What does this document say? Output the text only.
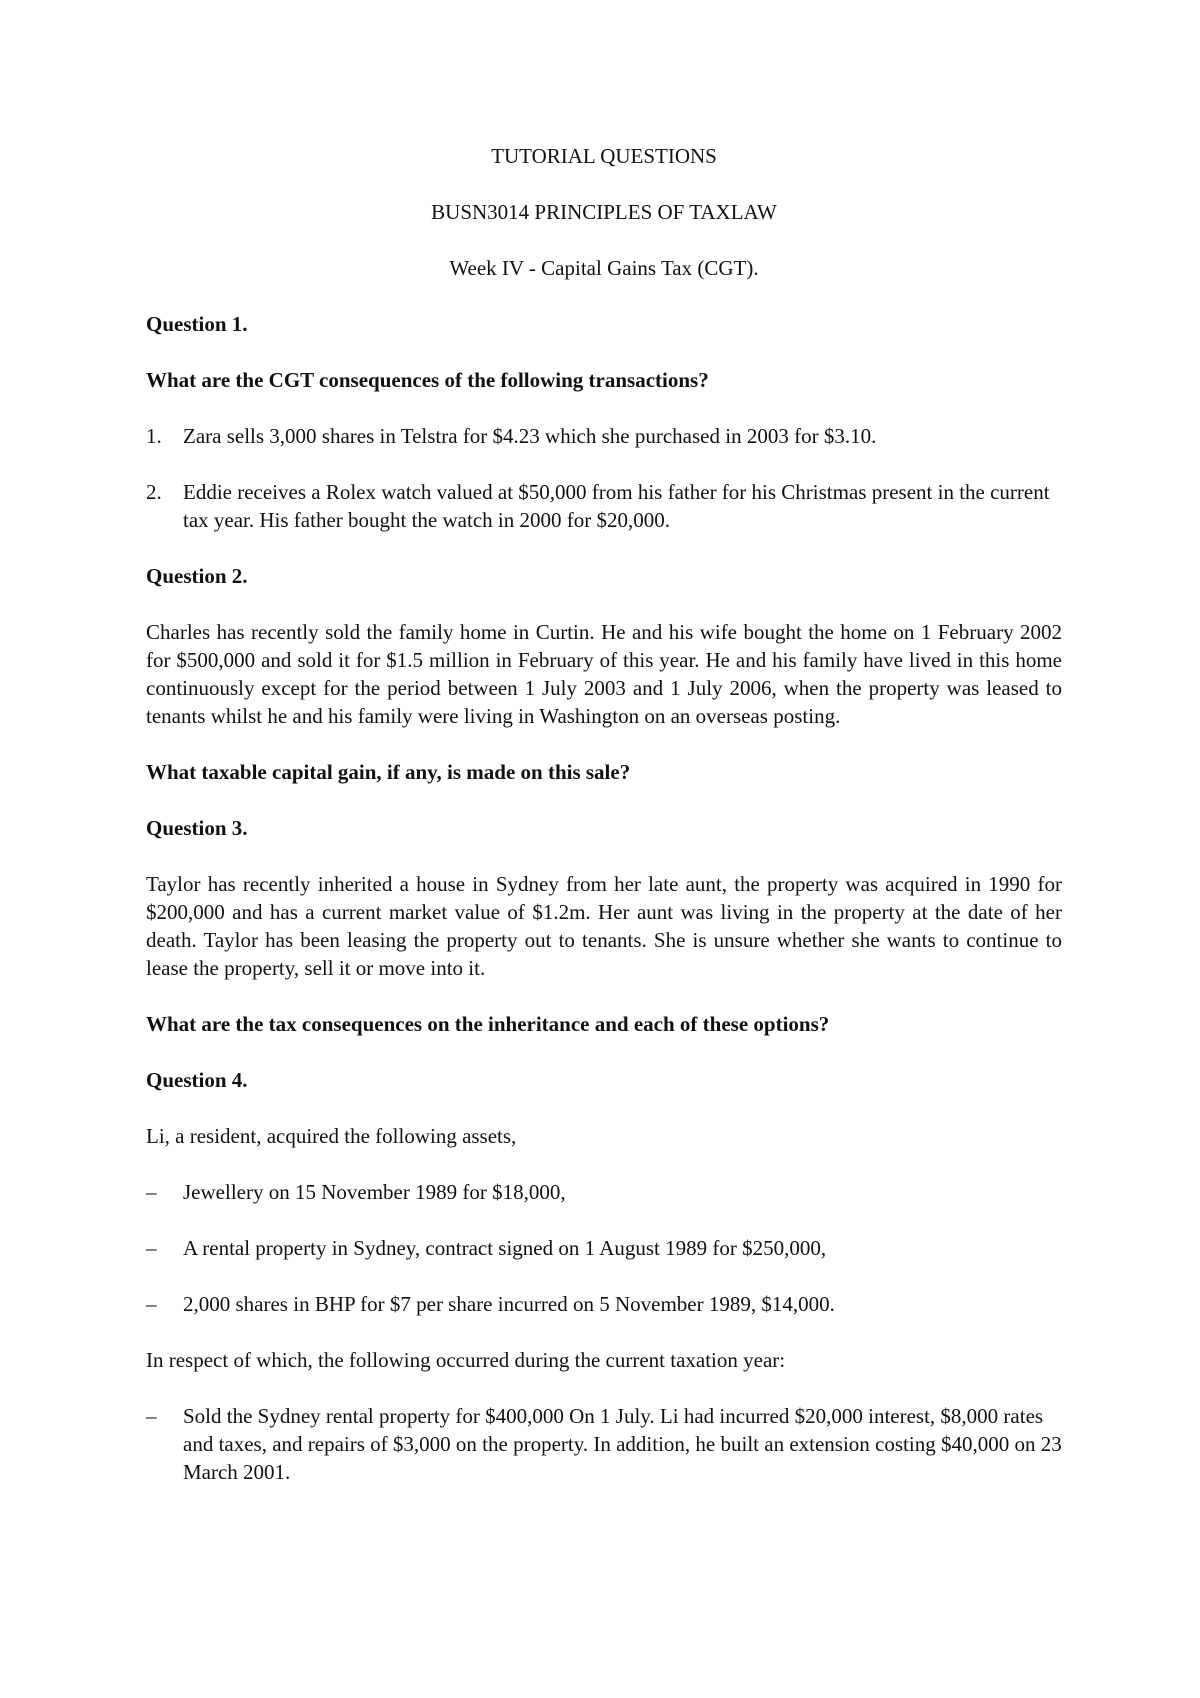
TUTORIAL QUESTIONS

BUSN3014 PRINCIPLES OF TAXLAW

Week IV - Capital Gains Tax (CGT).

Question 1.

What are the CGT consequences of the following transactions?

1.	Zara sells 3,000 shares in Telstra for $4.23 which she purchased in 2003 for $3.10.
2.	Eddie receives a Rolex watch valued at $50,000 from his father for his Christmas present in the current tax year. His father bought the watch in 2000 for $20,000.

Question 2.

Charles has recently sold the family home in Curtin. He and his wife bought the home on 1 February 2002 for $500,000 and sold it for $1.5 million in February of this year. He and his family have lived in this home continuously except for the period between 1 July 2003 and 1 July 2006, when the property was leased to tenants whilst he and his family were living in Washington on an overseas posting.

What taxable capital gain, if any, is made on this sale?

Question 3.

Taylor has recently inherited a house in Sydney from her late aunt, the property was acquired in 1990 for $200,000 and has a current market value of $1.2m. Her aunt was living in the property at the date of her death. Taylor has been leasing the property out to tenants. She is unsure whether she wants to continue to lease the property, sell it or move into it.

What are the tax consequences on the inheritance and each of these options?

Question 4.

Li, a resident, acquired the following assets,

–	Jewellery on 15 November 1989 for $18,000,
–	A rental property in Sydney, contract signed on 1 August 1989 for $250,000,
–	2,000 shares in BHP for $7 per share incurred on 5 November 1989, $14,000.

In respect of which, the following occurred during the current taxation year:

–	Sold the Sydney rental property for $400,000 On 1 July. Li had incurred $20,000 interest, $8,000 rates and taxes, and repairs of $3,000 on the property. In addition, he built an extension costing $40,000 on 23 March 2001.
